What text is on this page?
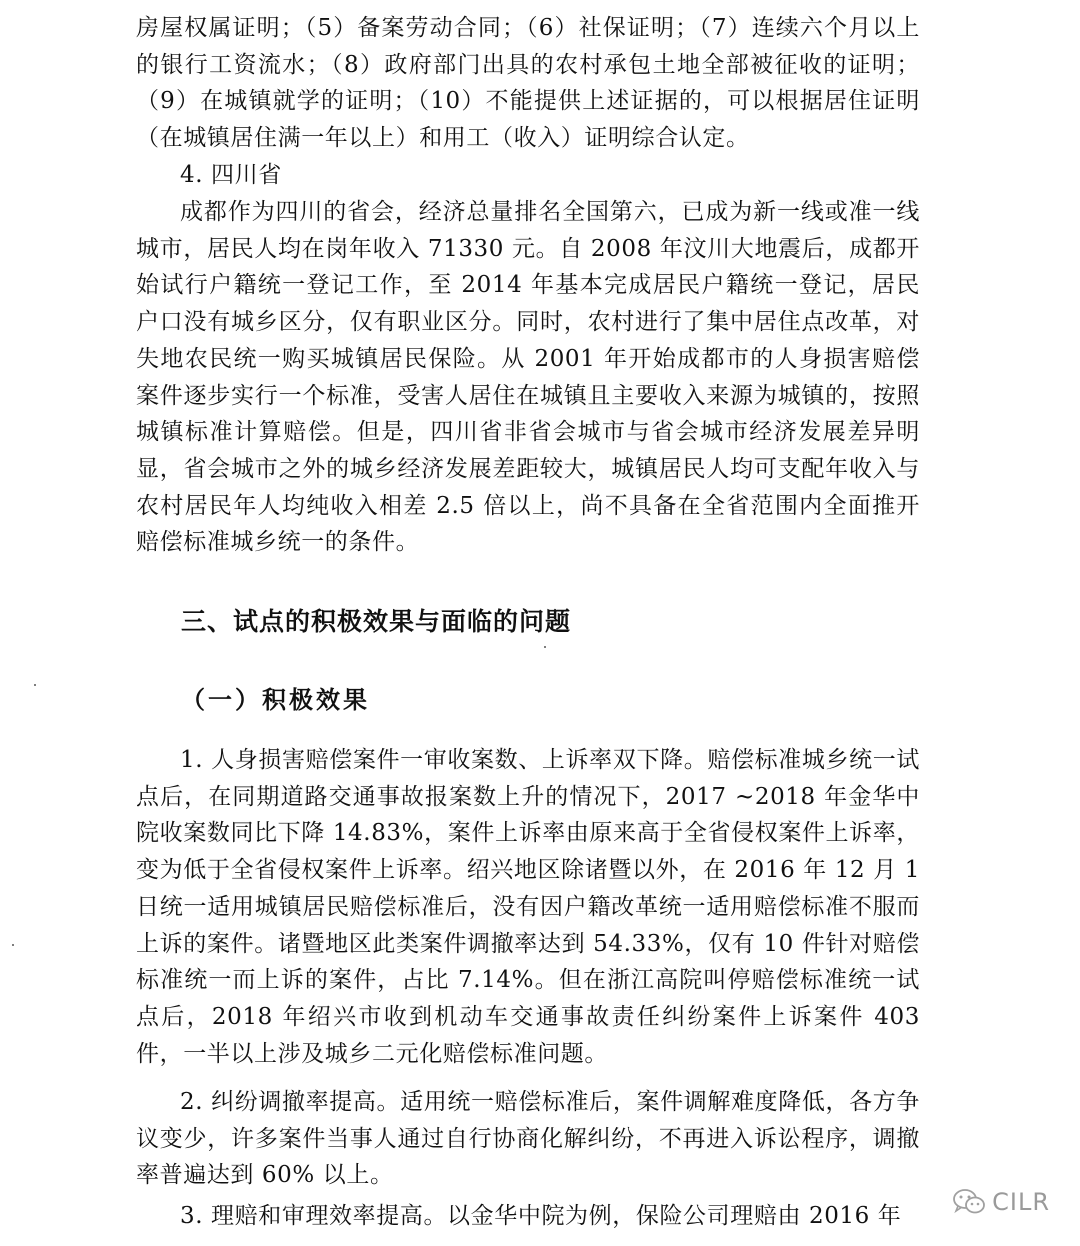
房屋权属证明；（5）备案劳动合同；（6）社保证明；（7）连续六个月以上的银行工资流水；（8）政府部门出具的农村承包土地全部被征收的证明；（9）在城镇就学的证明；（10）不能提供上述证据的，可以根据居住证明（在城镇居住满一年以上）和用工（收入）证明综合认定。

4. 四川省

成都作为四川的省会，经济总量排名全国第六，已成为新一线或准一线城市，居民人均在岗年收入 71330 元。自 2008 年汶川大地震后，成都开始试行户籍统一登记工作，至 2014 年基本完成居民户籍统一登记，居民户口没有城乡区分，仅有职业区分。同时，农村进行了集中居住点改革，对失地农民统一购买城镇居民保险。从 2001 年开始成都市的人身损害赔偿案件逐步实行一个标准，受害人居住在城镇且主要收入来源为城镇的，按照城镇标准计算赔偿。但是，四川省非省会城市与省会城市经济发展差异明显，省会城市之外的城乡经济发展差距较大，城镇居民人均可支配年收入与农村居民年人均纯收入相差 2.5 倍以上，尚不具备在全省范围内全面推开赔偿标准城乡统一的条件。

三、试点的积极效果与面临的问题
（一）积极效果

1. 人身损害赔偿案件一审收案数、上诉率双下降。赔偿标准城乡统一试点后，在同期道路交通事故报案数上升的情况下，2017 ~2018 年金华中院收案数同比下降 14.83%，案件上诉率由原来高于全省侵权案件上诉率，变为低于全省侵权案件上诉率。绍兴地区除诸暨以外，在 2016 年 12 月 1 日统一适用城镇居民赔偿标准后，没有因户籍改革统一适用赔偿标准不服而上诉的案件。诸暨地区此类案件调撤率达到 54.33%，仅有 10 件针对赔偿标准统一而上诉的案件，占比 7.14%。但在浙江高院叫停赔偿标准统一试点后，2018 年绍兴市收到机动车交通事故责任纠纷案件上诉案件 403 件，一半以上涉及城乡二元化赔偿标准问题。

2. 纠纷调撤率提高。适用统一赔偿标准后，案件调解难度降低，各方争议变少，许多案件当事人通过自行协商化解纠纷，不再进入诉讼程序，调撤率普遍达到 60% 以上。

3. 理赔和审理效率提高。以金华中院为例，保险公司理赔由 2016 年	CILR
